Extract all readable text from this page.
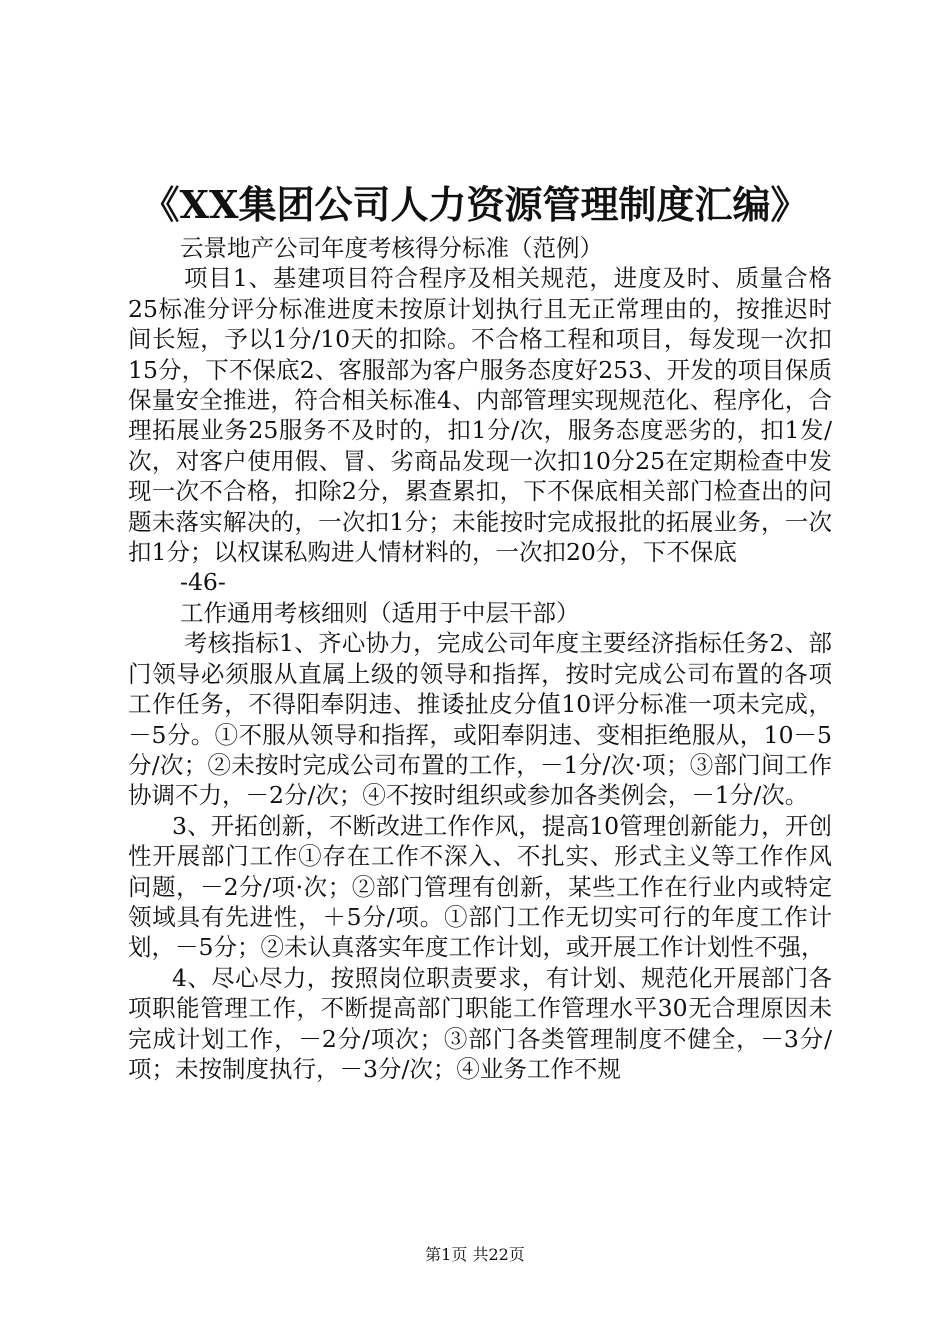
《XX集团公司人力资源管理制度汇编》

云景地产公司年度考核得分标准（范例）

项目1、基建项目符合程序及相关规范，进度及时、质量合格25标准分评分标准进度未按原计划执行且无正常理由的，按推迟时间长短，予以1分/10天的扣除。不合格工程和项目，每发现一次扣15分，下不保底2、客服部为客户服务态度好253、开发的项目保质保量安全推进，符合相关标准4、内部管理实现规范化、程序化，合理拓展业务25服务不及时的，扣1分/次，服务态度恶劣的，扣1发/次，对客户使用假、冒、劣商品发现一次扣10分25在定期检查中发现一次不合格，扣除2分，累查累扣，下不保底相关部门检查出的问题未落实解决的，一次扣1分；未能按时完成报批的拓展业务，一次扣1分；以权谋私购进人情材料的，一次扣20分，下不保底

-46-

工作通用考核细则（适用于中层干部）

考核指标1、齐心协力，完成公司年度主要经济指标任务2、部门领导必须服从直属上级的领导和指挥，按时完成公司布置的各项工作任务，不得阳奉阴违、推诿扯皮分值10评分标准一项未完成，－5分。①不服从领导和指挥，或阳奉阴违、变相拒绝服从，10－5分/次；②未按时完成公司布置的工作，－1分/次·项；③部门间工作协调不力，－2分/次；④不按时组织或参加各类例会，－1分/次。

3、开拓创新，不断改进工作作风，提高10管理创新能力，开创性开展部门工作①存在工作不深入、不扎实、形式主义等工作作风问题，－2分/项·次；②部门管理有创新，某些工作在行业内或特定领域具有先进性，＋5分/项。①部门工作无切实可行的年度工作计划，－5分；②未认真落实年度工作计划，或开展工作计划性不强，

4、尽心尽力，按照岗位职责要求，有计划、规范化开展部门各项职能管理工作，不断提高部门职能工作管理水平30无合理原因未完成计划工作，－2分/项次；③部门各类管理制度不健全，－3分/项；未按制度执行，－3分/次；④业务工作不规

第1页 共22页
